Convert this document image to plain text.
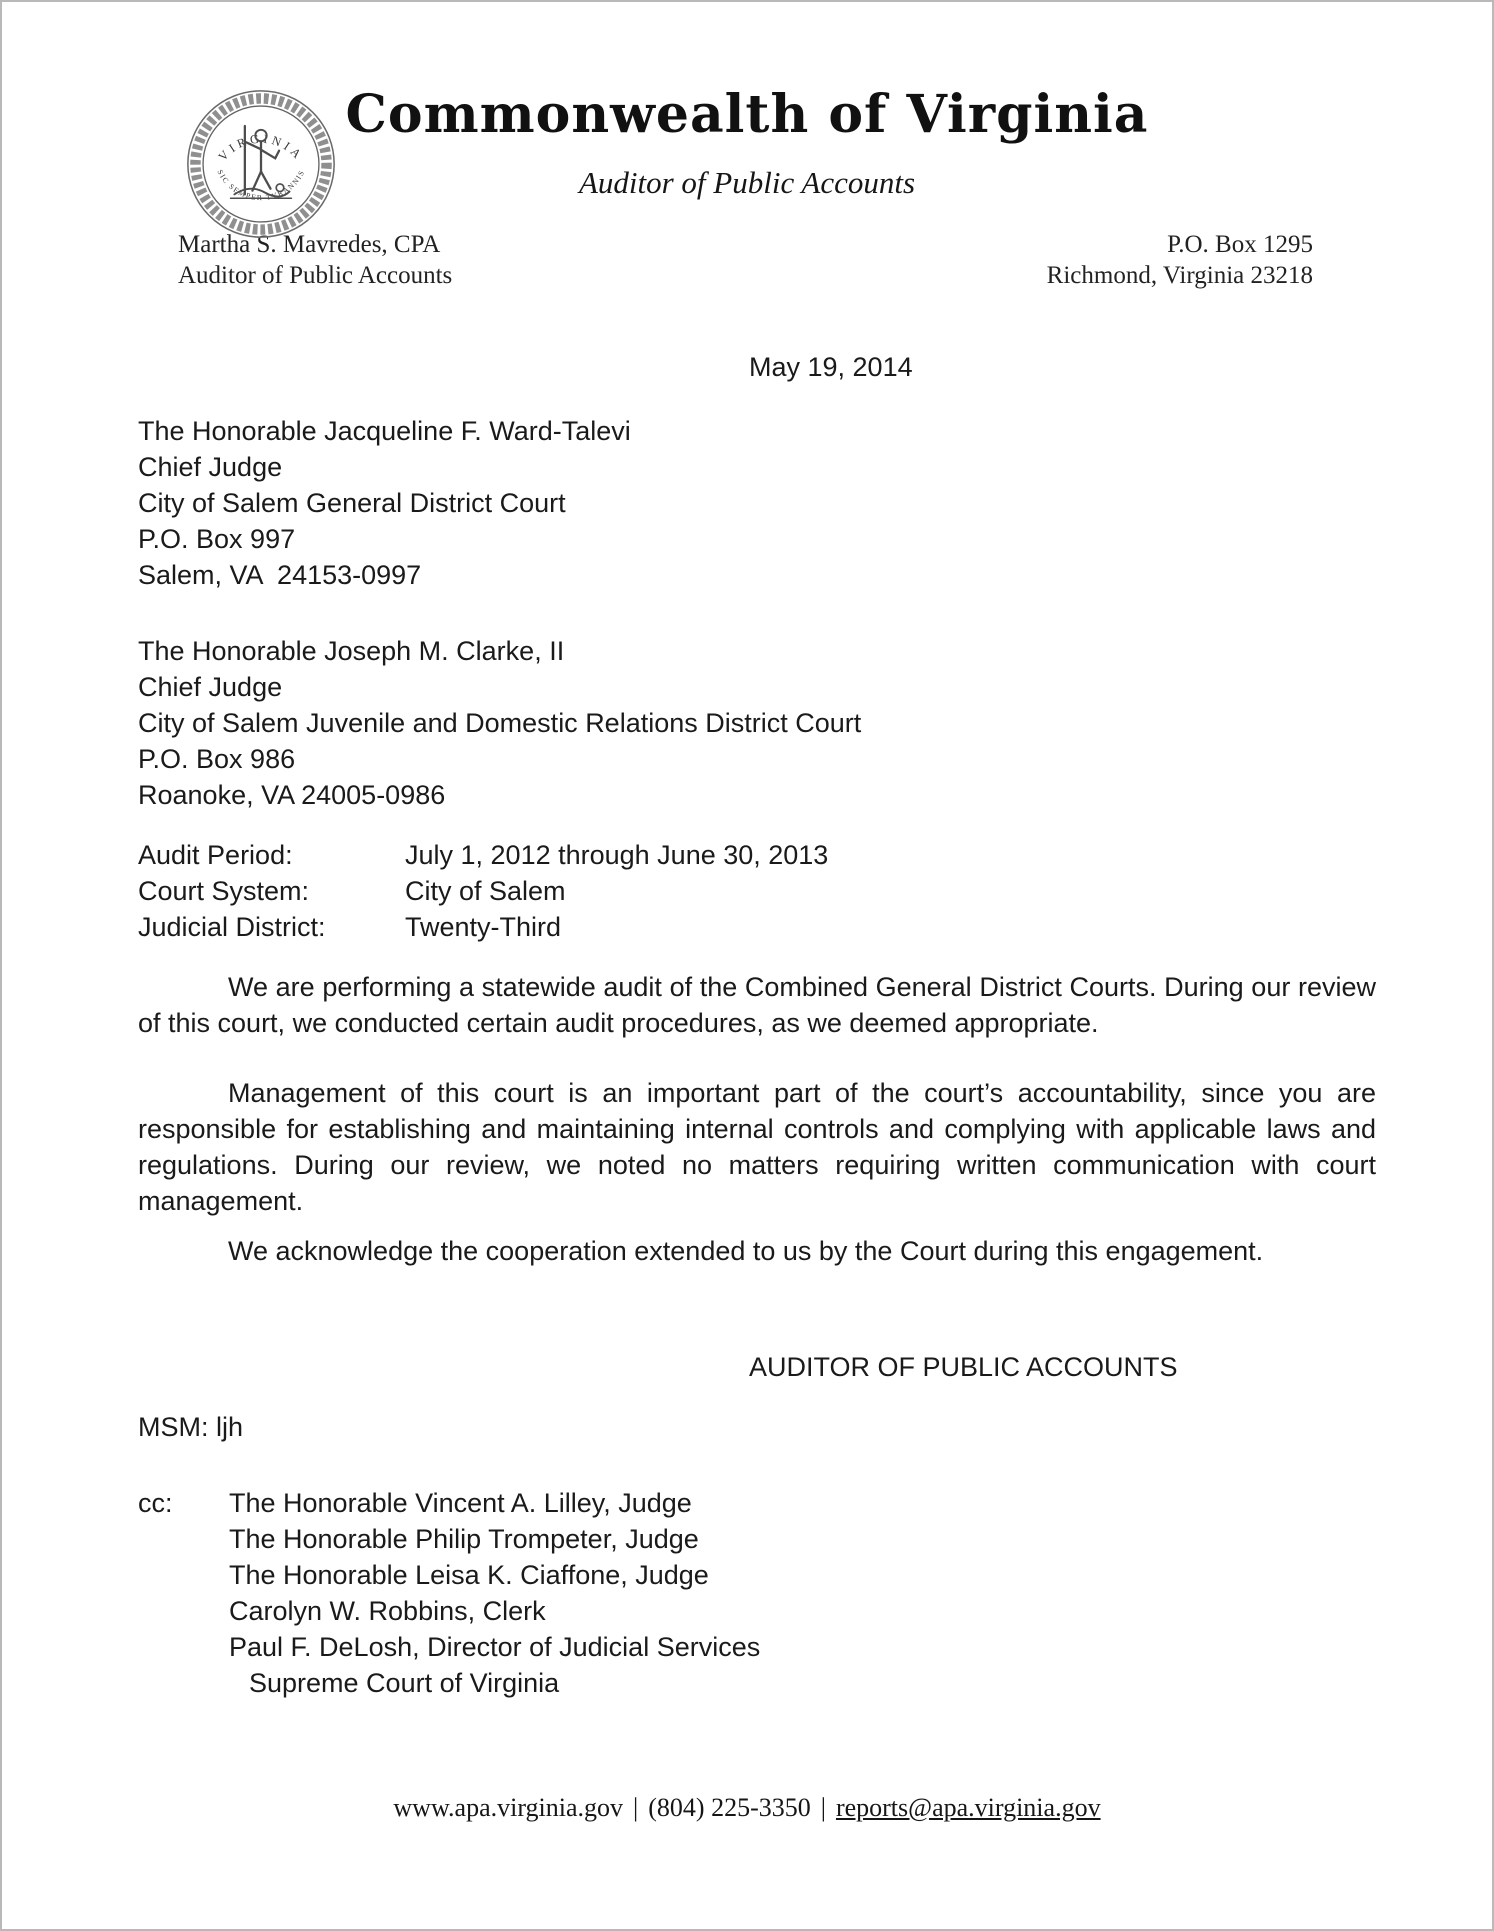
VIRGINIA
SIC SEMPER TYRANNIS
Commonwealth of Virginia
Auditor of Public Accounts
Martha S. Mavredes, CPA
Auditor of Public Accounts
P.O. Box 1295
Richmond, Virginia 23218
May 19, 2014
The Honorable Jacqueline F. Ward-Talevi
Chief Judge
City of Salem General District Court
P.O. Box 997
Salem, VA  24153-0997
The Honorable Joseph M. Clarke, II
Chief Judge
City of Salem Juvenile and Domestic Relations District Court
P.O. Box 986
Roanoke, VA 24005-0986
Audit Period:	July 1, 2012 through June 30, 2013
Court System:	City of Salem
Judicial District:	Twenty-Third
We are performing a statewide audit of the Combined General District Courts. During our review of this court, we conducted certain audit procedures, as we deemed appropriate.
Management of this court is an important part of the court’s accountability, since you are responsible for establishing and maintaining internal controls and complying with applicable laws and regulations. During our review, we noted no matters requiring written communication with court management.
We acknowledge the cooperation extended to us by the Court during this engagement.
AUDITOR OF PUBLIC ACCOUNTS
MSM: ljh
cc:	The Honorable Vincent A. Lilley, Judge
The Honorable Philip Trompeter, Judge
The Honorable Leisa K. Ciaffone, Judge
Carolyn W. Robbins, Clerk
Paul F. DeLosh, Director of Judicial Services
Supreme Court of Virginia
www.apa.virginia.gov | (804) 225-3350 | reports@apa.virginia.gov
